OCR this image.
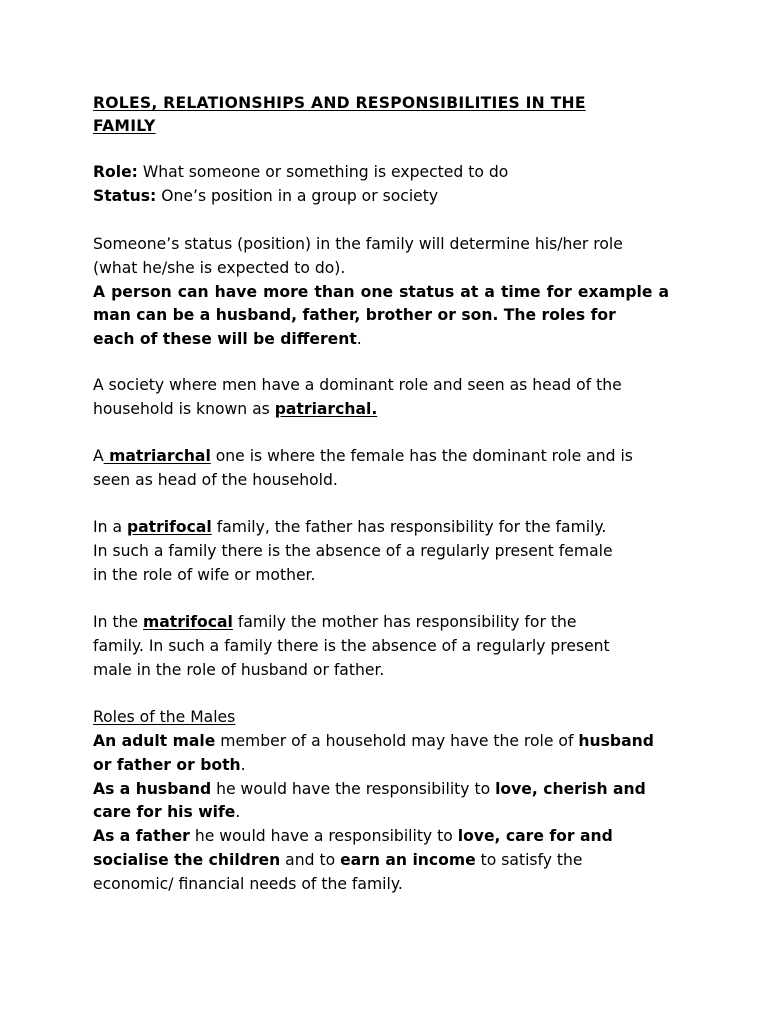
ROLES, RELATIONSHIPS AND RESPONSIBILITIES IN THE
FAMILY
Role: What someone or something is expected to do
Status: One’s position in a group or society
Someone’s status (position) in the family will determine his/her role
(what he/she is expected to do).
A person can have more than one status at a time for example a
man can be a husband, father, brother or son. The roles for
each of these will be different.
A society where men have a dominant role and seen as head of the
household is known as patriarchal.
A matriarchal one is where the female has the dominant role and is
seen as head of the household.
In a patrifocal family, the father has responsibility for the family.
In such a family there is the absence of a regularly present female
in the role of wife or mother.
In the matrifocal family the mother has responsibility for the
family. In such a family there is the absence of a regularly present
male in the role of husband or father.
Roles of the Males
An adult male member of a household may have the role of husband
or father or both.
As a husband he would have the responsibility to love, cherish and
care for his wife.
As a father he would have a responsibility to love, care for and
socialise the children and to earn an income to satisfy the
economic/ financial needs of the family.
